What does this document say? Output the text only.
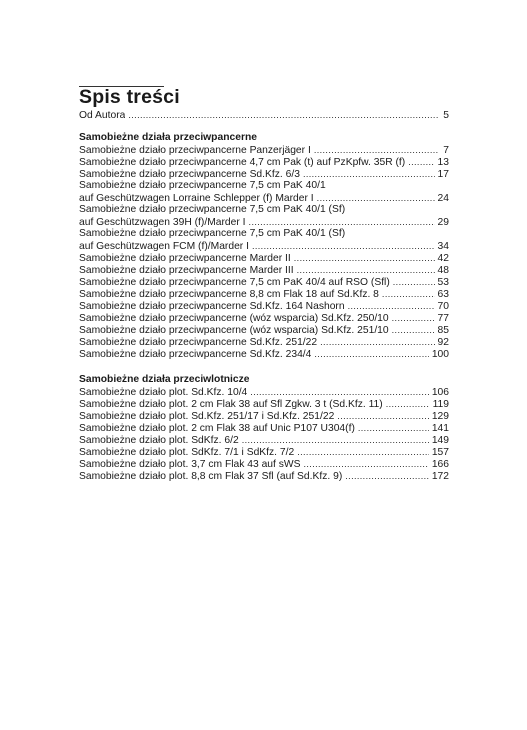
Spis treści
Od Autora .....	5
Samobieżne działa przeciwpancerne
Samobieżne działo przeciwpancerne Panzerjäger I .....	7
Samobieżne działo przeciwpancerne 4,7 cm Pak (t) auf PzKpfw. 35R (f) .....	13
Samobieżne działo przeciwpancerne Sd.Kfz. 6/3 .....	17
Samobieżne działo przeciwpancerne 7,5 cm PaK 40/1
auf Geschützwagen Lorraine Schlepper (f) Marder I .....	24
Samobieżne działo przeciwpancerne 7,5 cm PaK 40/1 (Sf)
auf Geschützwagen 39H (f)/Marder I .....	29
Samobieżne działo przeciwpancerne 7,5 cm PaK 40/1 (Sf)
auf Geschützwagen FCM (f)/Marder I .....	34
Samobieżne działo przeciwpancerne Marder II .....	42
Samobieżne działo przeciwpancerne Marder III .....	48
Samobieżne działo przeciwpancerne 7,5 cm PaK 40/4 auf RSO (Sfl) .....	53
Samobieżne działo przeciwpancerne 8,8 cm Flak 18 auf Sd.Kfz. 8 .....	63
Samobieżne działo przeciwpancerne Sd.Kfz. 164 Nashorn .....	70
Samobieżne działo przeciwpancerne (wóz wsparcia) Sd.Kfz. 250/10 .....	77
Samobieżne działo przeciwpancerne (wóz wsparcia) Sd.Kfz. 251/10 .....	85
Samobieżne działo przeciwpancerne Sd.Kfz. 251/22 .....	92
Samobieżne działo przeciwpancerne Sd.Kfz. 234/4 .....	100
Samobieżne działa przeciwlotnicze
Samobieżne działo plot. Sd.Kfz. 10/4 .....	106
Samobieżne działo plot. 2 cm Flak 38 auf Sfl Zgkw. 3 t (Sd.Kfz. 11) .....	119
Samobieżne działo plot. Sd.Kfz. 251/17 i Sd.Kfz. 251/22 .....	129
Samobieżne działo plot. 2 cm Flak 38 auf Unic P107 U304(f) .....	141
Samobieżne działo plot. SdKfz. 6/2 .....	149
Samobieżne działo plot. SdKfz. 7/1 i SdKfz. 7/2 .....	157
Samobieżne działo plot. 3,7 cm Flak 43 auf sWS .....	166
Samobieżne działo plot. 8,8 cm Flak 37 Sfl (auf Sd.Kfz. 9) .....	172
